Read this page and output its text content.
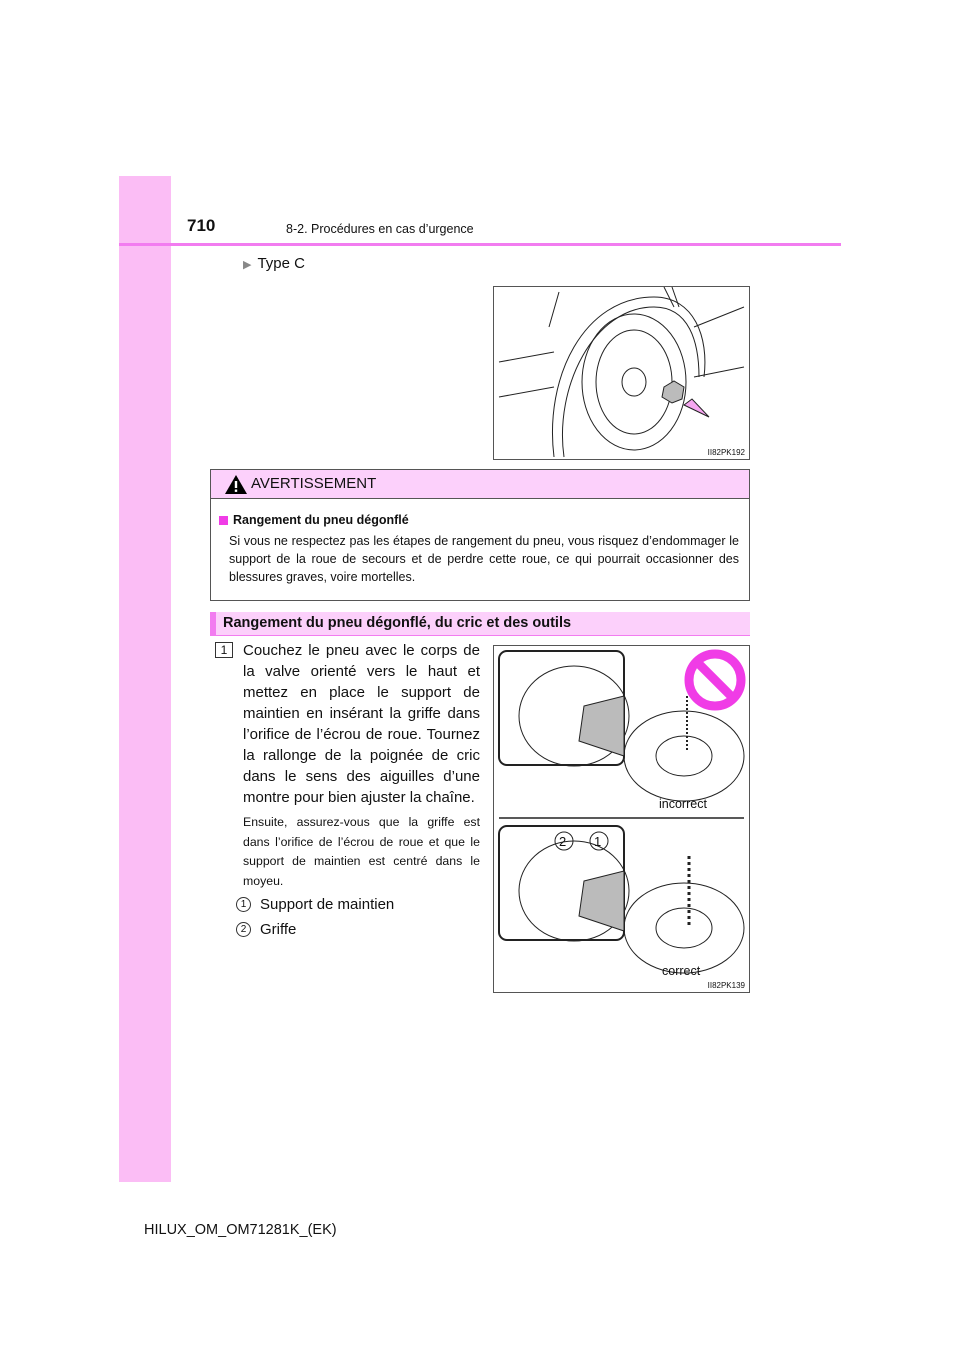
710	8-2. Procédures en cas d’urgence
▶ Type C
II82PK192
AVERTISSEMENT
Rangement du pneu dégonflé

Si vous ne respectez pas les étapes de rangement du pneu, vous risquez d’endommager le support de la roue de secours et de perdre cette roue, ce qui pourrait occasionner des blessures graves, voire mortelles.

Rangement du pneu dégonflé, du cric et des outils
1	Couchez le pneu avec le corps de la valve orienté vers le haut et mettez en place le support de maintien en insérant la griffe dans l’orifice de l’écrou de roue. Tournez la rallonge de la poignée de cric dans le sens des aiguilles d’une montre pour bien ajuster la chaîne.
Ensuite, assurez-vous que la griffe est dans l’orifice de l’écrou de roue et que le support de maintien est centré dans le moyeu.
1 Support de maintien
2 Griffe
2 1
incorrect
correct
II82PK139
HILUX_OM_OM71281K_(EK)
